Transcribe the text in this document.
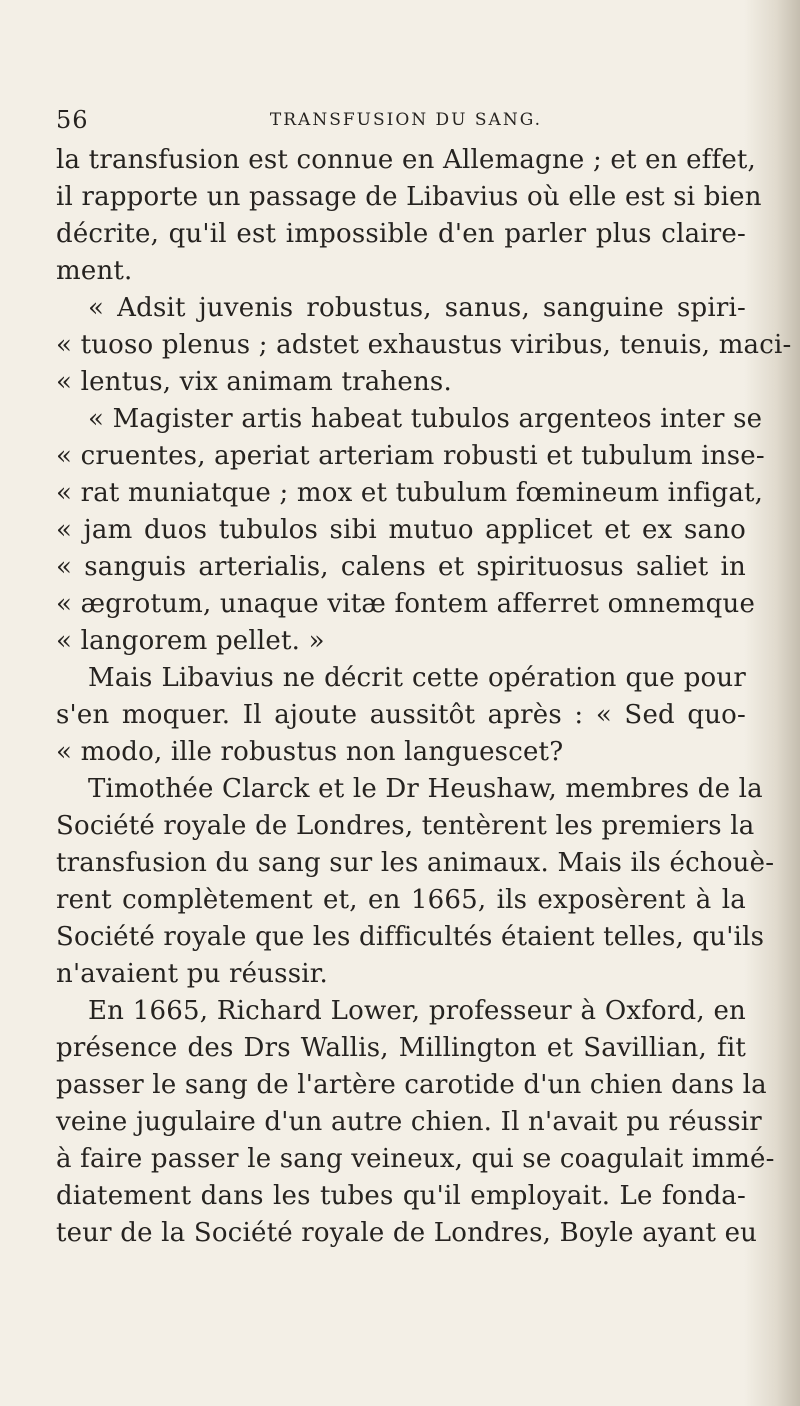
56	TRANSFUSION DU SANG.
la transfusion est connue en Allemagne ; et en effet,
il rapporte un passage de Libavius où elle est si bien
décrite, qu'il est impossible d'en parler plus claire-
ment.
« Adsit juvenis robustus, sanus, sanguine spiri-
« tuoso plenus ; adstet exhaustus viribus, tenuis, maci-
« lentus, vix animam trahens.
« Magister artis habeat tubulos argenteos inter se
« cruentes, aperiat arteriam robusti et tubulum inse-
« rat muniatque ; mox et tubulum fœmineum infigat,
« jam duos tubulos sibi mutuo applicet et ex sano
« sanguis arterialis, calens et spirituosus saliet in
« ægrotum, unaque vitæ fontem afferret omnemque
« langorem pellet. »
Mais Libavius ne décrit cette opération que pour
s'en moquer. Il ajoute aussitôt après : « Sed quo-
« modo, ille robustus non languescet?
Timothée Clarck et le Dr Heushaw, membres de la
Société royale de Londres, tentèrent les premiers la
transfusion du sang sur les animaux. Mais ils échouè-
rent complètement et, en 1665, ils exposèrent à la
Société royale que les difficultés étaient telles, qu'ils
n'avaient pu réussir.
En 1665, Richard Lower, professeur à Oxford, en
présence des Drs Wallis, Millington et Savillian, fit
passer le sang de l'artère carotide d'un chien dans la
veine jugulaire d'un autre chien. Il n'avait pu réussir
à faire passer le sang veineux, qui se coagulait immé-
diatement dans les tubes qu'il employait. Le fonda-
teur de la Société royale de Londres, Boyle ayant eu
